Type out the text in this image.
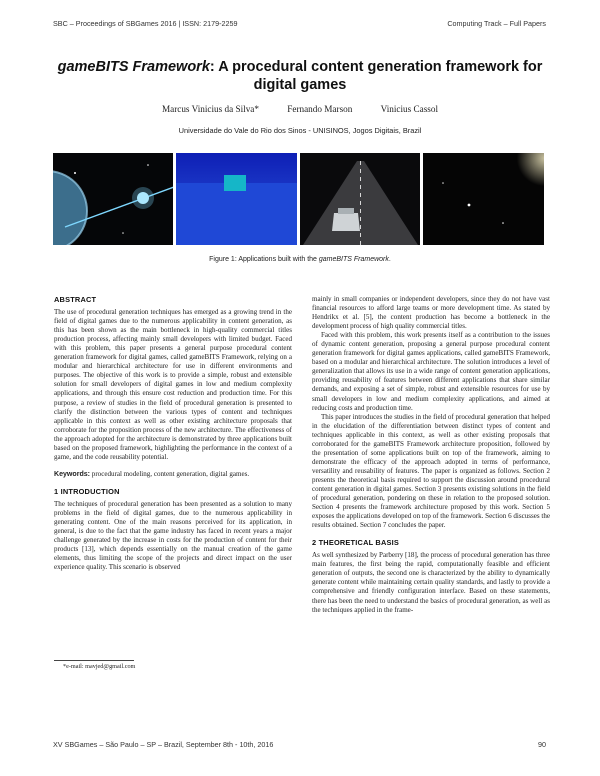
SBC – Proceedings of SBGames 2016 | ISSN: 2179-2259	Computing Track – Full Papers
gameBITS Framework: A procedural content generation framework for
digital games
Marcus Vinicius da Silva*	Fernando Marson	Vinicius Cassol
Universidade do Vale do Rio dos Sinos - UNISINOS, Jogos Digitais, Brazil
Figure 1: Applications built with the gameBITS Framework.
ABSTRACT

The use of procedural generation techniques has emerged as a growing trend in the field of digital games due to the numerous applicability in content generation, as this has been shown as the main bottleneck in high-quality commercial titles production process, affecting mainly small developers with limited budget. Faced with this problem, this paper presents a general purpose procedural content generation framework for digital games, called gameBITS Framework, relying on a modular and hierarchical architecture for use in different environments and purposes. The objective of this work is to provide a simple, robust and extensible solution for small developers of digital games in low and medium complexity applications, and through this ensure cost reduction and production time. For this purpose, a review of studies in the field of procedural generation is presented to clarify the distinction between the various types of content and techniques applicable in this context as well as other existing architecture proposals that corroborate for the proposition process of the new architecture. The effectiveness of the approach adopted for the architecture is demonstrated by three applications built based on the proposed framework, highlighting the performance in the context of a game, and the code reusability potential.

Keywords: procedural modeling, content generation, digital games.

1 INTRODUCTION

The techniques of procedural generation has been presented as a solution to many problems in the field of digital games, due to the numerous applicability in generating content. One of the main reasons perceived for its application, in general, is due to the fact that the game industry has faced in recent years a major challenge generated by the increase in costs for the production of content for their products [13], which depends essentially on the manual creation of the game elements, thus limiting the scope of the projects and direct impact on the user experience quality. This scenario is observed

*e-mail: mavjed@gmail.com

mainly in small companies or independent developers, since they do not have vast financial resources to afford large teams or more development time. As stated by Hendrikx et al. [5], the content production has become a bottleneck in the development process of high quality commercial titles.

Faced with this problem, this work presents itself as a contribution to the issues of dynamic content generation, proposing a general purpose procedural content generation framework for digital games applications, called gameBITS Framework, based on a modular and hierarchical architecture. The solution introduces a level of generalization that allows its use in a wide range of content generation applications, providing reusability of features between different applications that share similar demands, and exposing a set of simple, robust and extensible resources for use by small developers in low and medium complexity applications, and aimed at reducing costs and production time.

This paper introduces the studies in the field of procedural generation that helped in the elucidation of the differentiation between distinct types of content and techniques applicable in this context, as well as other existing proposals that corroborated for the gameBITS Framework architecture proposition, followed by the presentation of some applications built on top of the framework, aiming to demonstrate the efficacy of the approach adopted in terms of performance, versatility and reusability of features. The paper is organized as follows. Section 2 presents the theoretical basis required to support the discussion around procedural content generation in digital games. Section 3 presents existing solutions in the field of procedural generation, pondering on these in relation to the proposed solution. Section 4 presents the framework architecture proposed by this work. Section 5 exposes the applications developed on top of the framework. Section 6 discusses the results obtained. Section 7 concludes the paper.

2 THEORETICAL BASIS

As well synthesized by Parberry [18], the process of procedural generation has three main features, the first being the rapid, computationally feasible and efficient generation of outputs, the second one is characterized by the ability to dynamically generate content while maintaining certain quality standards, and lastly to provide a comprehensive and friendly configuration interface. Based on these statements, there has been the need to understand the basics of procedural generation, as well as the techniques applied in the frame-

XV SBGames – São Paulo – SP – Brazil, September 8th - 10th, 2016	90
